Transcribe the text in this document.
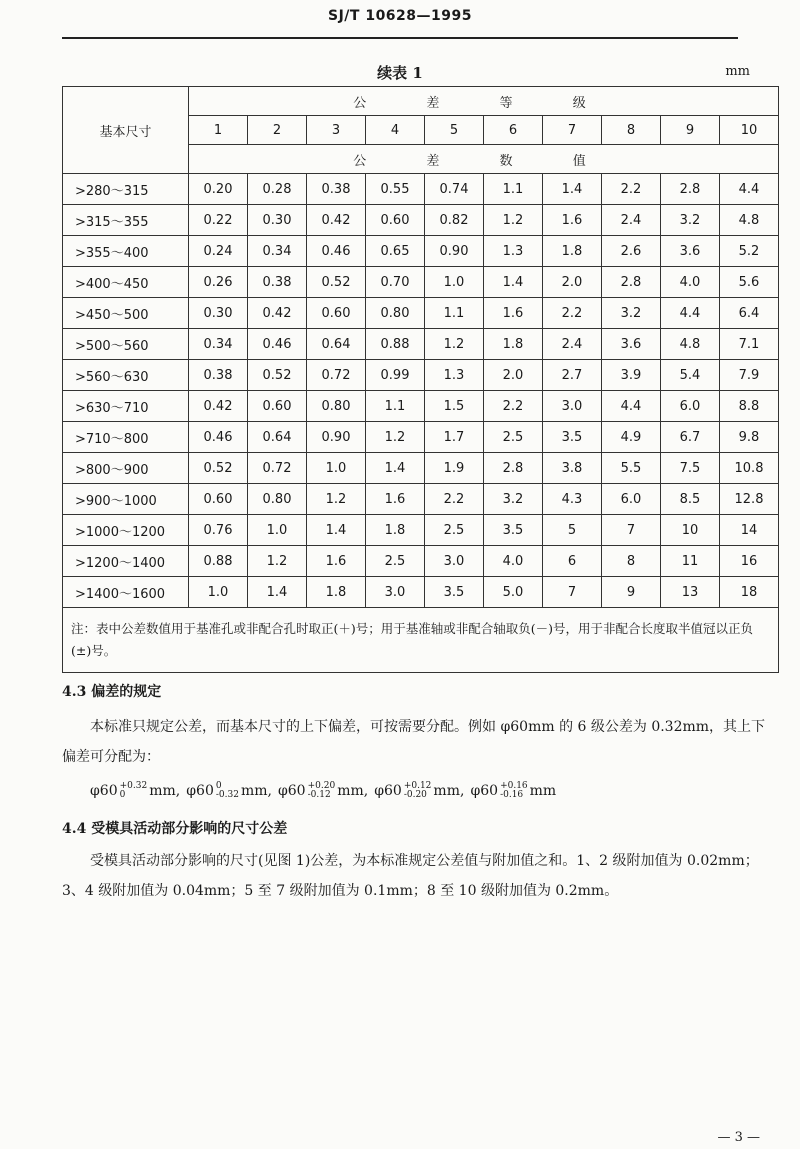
SJ/T 10628—1995
续表 1	mm
基本尺寸	公 差 等 级									
	1	2	3	4	5	6	7	8	9	10
	公 差 数 值									
>280～315	0.20	0.28	0.38	0.55	0.74	1.1	1.4	2.2	2.8	4.4
>315～355	0.22	0.30	0.42	0.60	0.82	1.2	1.6	2.4	3.2	4.8
>355～400	0.24	0.34	0.46	0.65	0.90	1.3	1.8	2.6	3.6	5.2
>400～450	0.26	0.38	0.52	0.70	1.0	1.4	2.0	2.8	4.0	5.6
>450～500	0.30	0.42	0.60	0.80	1.1	1.6	2.2	3.2	4.4	6.4
>500～560	0.34	0.46	0.64	0.88	1.2	1.8	2.4	3.6	4.8	7.1
>560～630	0.38	0.52	0.72	0.99	1.3	2.0	2.7	3.9	5.4	7.9
>630～710	0.42	0.60	0.80	1.1	1.5	2.2	3.0	4.4	6.0	8.8
>710～800	0.46	0.64	0.90	1.2	1.7	2.5	3.5	4.9	6.7	9.8
>800～900	0.52	0.72	1.0	1.4	1.9	2.8	3.8	5.5	7.5	10.8
>900～1000	0.60	0.80	1.2	1.6	2.2	3.2	4.3	6.0	8.5	12.8
>1000～1200	0.76	1.0	1.4	1.8	2.5	3.5	5	7	10	14
>1200～1400	0.88	1.2	1.6	2.5	3.0	4.0	6	8	11	16
>1400～1600	1.0	1.4	1.8	3.0	3.5	5.0	7	9	13	18
注：表中公差数值用于基准孔或非配合孔时取正(＋)号；用于基准轴或非配合轴取负(－)号，用于非配合长度取半值冠以正负(±)号。										
4.3 偏差的规定
本标准只规定公差，而基本尺寸的上下偏差，可按需要分配。例如 φ60mm 的 6 级公差为 0.32mm，其上下偏差可分配为：
φ60 +0.32
0	mm, φ60 0
-0.32 mm, φ60 +0.20
-0.12 mm, φ60 +0.12
-0.20 mm, φ60 +0.16
-0.16 mm
4.4 受模具活动部分影响的尺寸公差
受模具活动部分影响的尺寸(见图 1)公差，为本标准规定公差值与附加值之和。1、2 级附加值为 0.02mm；3、4 级附加值为 0.04mm；5 至 7 级附加值为 0.1mm；8 至 10 级附加值为 0.2mm。
— 3 —
